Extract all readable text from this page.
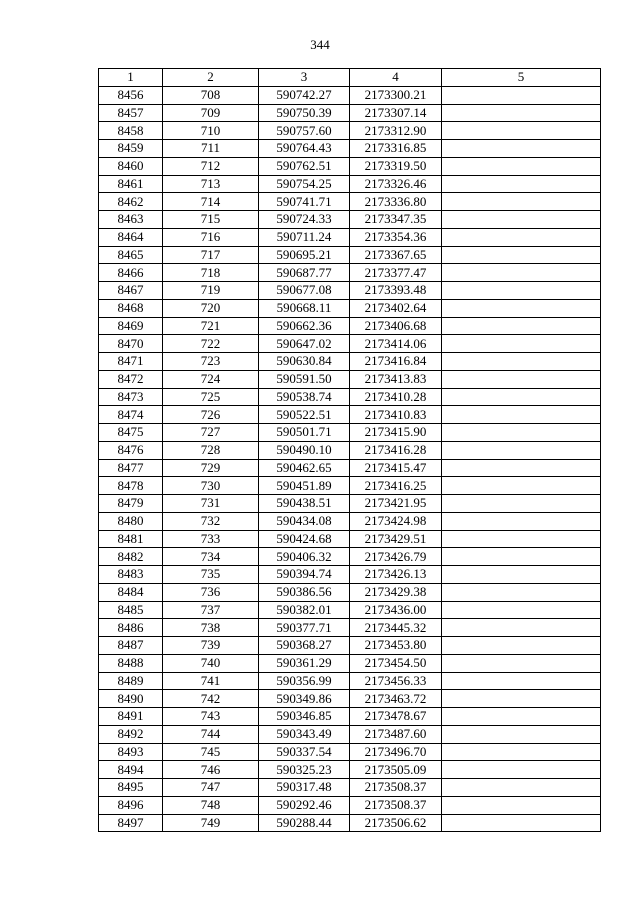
344
1	2	3	4	5
8456	708	590742.27	2173300.21	
8457	709	590750.39	2173307.14	
8458	710	590757.60	2173312.90	
8459	711	590764.43	2173316.85	
8460	712	590762.51	2173319.50	
8461	713	590754.25	2173326.46	
8462	714	590741.71	2173336.80	
8463	715	590724.33	2173347.35	
8464	716	590711.24	2173354.36	
8465	717	590695.21	2173367.65	
8466	718	590687.77	2173377.47	
8467	719	590677.08	2173393.48	
8468	720	590668.11	2173402.64	
8469	721	590662.36	2173406.68	
8470	722	590647.02	2173414.06	
8471	723	590630.84	2173416.84	
8472	724	590591.50	2173413.83	
8473	725	590538.74	2173410.28	
8474	726	590522.51	2173410.83	
8475	727	590501.71	2173415.90	
8476	728	590490.10	2173416.28	
8477	729	590462.65	2173415.47	
8478	730	590451.89	2173416.25	
8479	731	590438.51	2173421.95	
8480	732	590434.08	2173424.98	
8481	733	590424.68	2173429.51	
8482	734	590406.32	2173426.79	
8483	735	590394.74	2173426.13	
8484	736	590386.56	2173429.38	
8485	737	590382.01	2173436.00	
8486	738	590377.71	2173445.32	
8487	739	590368.27	2173453.80	
8488	740	590361.29	2173454.50	
8489	741	590356.99	2173456.33	
8490	742	590349.86	2173463.72	
8491	743	590346.85	2173478.67	
8492	744	590343.49	2173487.60	
8493	745	590337.54	2173496.70	
8494	746	590325.23	2173505.09	
8495	747	590317.48	2173508.37	
8496	748	590292.46	2173508.37	
8497	749	590288.44	2173506.62	
